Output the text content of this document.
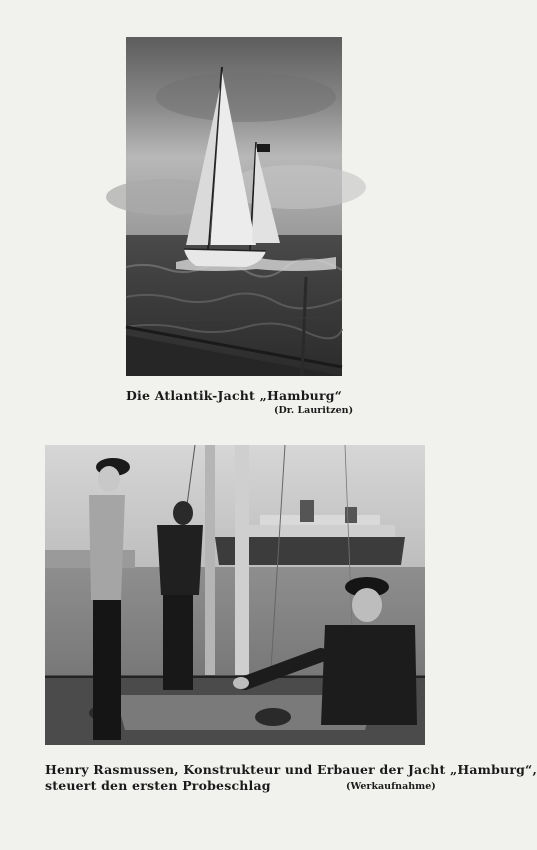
Die Atlantik-Jacht „Hamburg“
(Dr. Lauritzen)
Henry Rasmussen, Konstrukteur und Erbauer der Jacht „Hamburg“,
steuert den ersten Probeschlag	(Werkaufnahme)
